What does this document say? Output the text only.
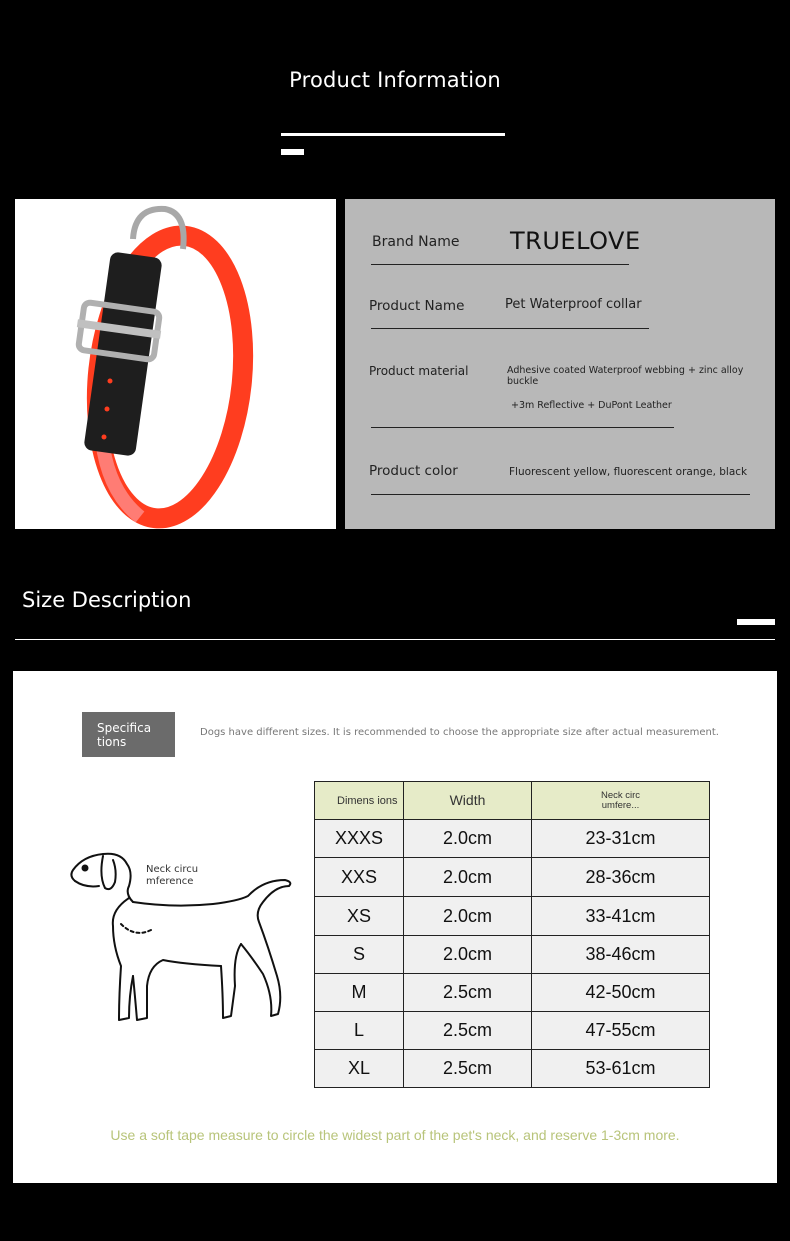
Product Information
Brand Name TRUELOVE
Product Name	Pet Waterproof collar
Product material	Adhesive coated Waterproof webbing + zinc alloy buckle
+3m Reflective + DuPont Leather
Product color	Fluorescent yellow, fluorescent orange, black
Size Description
Specifica tions
Dogs have different sizes. It is recommended to choose the appropriate size after actual measurement.
Neck circu mference
Dimens ions	Width	Neck circ umfere...

XXXS	2.0cm	23-31cm
XXS	2.0cm	28-36cm
XS	2.0cm	33-41cm
S	2.0cm	38-46cm
M	2.5cm	42-50cm
L	2.5cm	47-55cm
XL	2.5cm	53-61cm
Use a soft tape measure to circle the widest part of the pet's neck, and reserve 1-3cm more.
